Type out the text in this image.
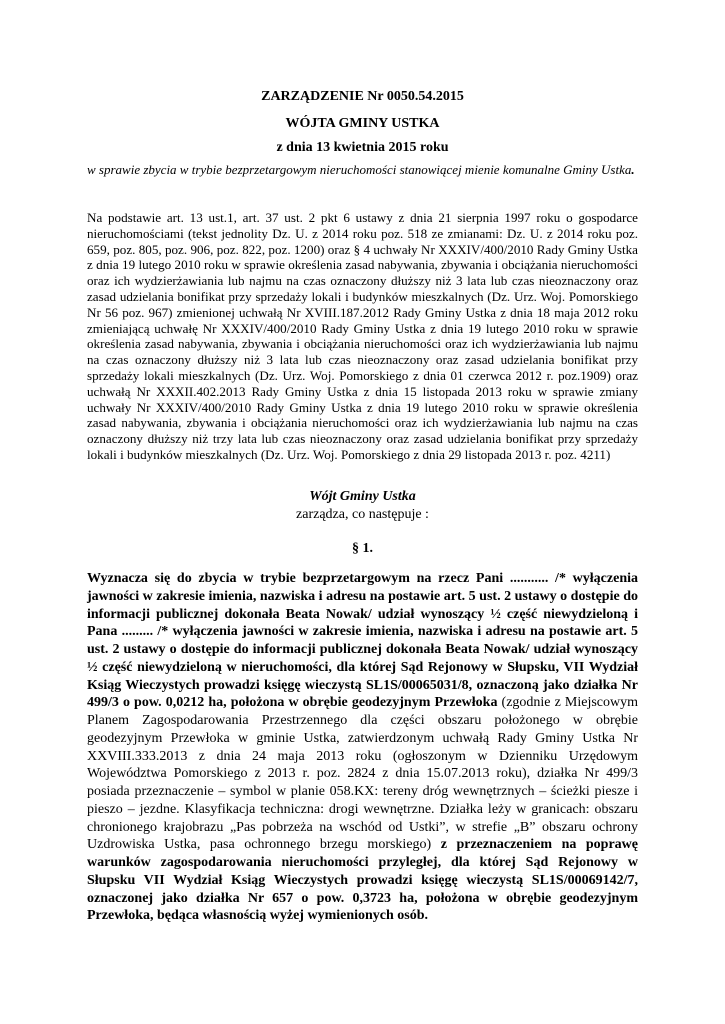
ZARZĄDZENIE Nr 0050.54.2015
WÓJTA GMINY USTKA
z dnia 13 kwietnia 2015 roku
w sprawie zbycia w trybie bezprzetargowym nieruchomości stanowiącej mienie komunalne Gminy Ustka.
Na podstawie art. 13 ust.1, art. 37 ust. 2 pkt 6 ustawy z dnia 21 sierpnia 1997 roku o gospodarce nieruchomościami (tekst jednolity Dz. U. z 2014 roku poz. 518 ze zmianami: Dz. U. z 2014 roku poz. 659, poz. 805, poz. 906, poz. 822, poz. 1200) oraz § 4 uchwały Nr XXXIV/400/2010 Rady Gminy Ustka z dnia 19 lutego 2010 roku w sprawie określenia zasad nabywania, zbywania i obciążania nieruchomości oraz ich wydzierżawiania lub najmu na czas oznaczony dłuższy niż 3 lata lub czas nieoznaczony oraz zasad udzielania bonifikat przy sprzedaży lokali i budynków mieszkalnych (Dz. Urz. Woj. Pomorskiego Nr 56 poz. 967) zmienionej uchwałą Nr XVIII.187.2012 Rady Gminy Ustka z dnia 18 maja 2012 roku zmieniającą uchwałę Nr XXXIV/400/2010 Rady Gminy Ustka z dnia 19 lutego 2010 roku w sprawie określenia zasad nabywania, zbywania i obciążania nieruchomości oraz ich wydzierżawiania lub najmu na czas oznaczony dłuższy niż 3 lata lub czas nieoznaczony oraz zasad udzielania bonifikat przy sprzedaży lokali mieszkalnych (Dz. Urz. Woj. Pomorskiego z dnia 01 czerwca 2012 r. poz.1909) oraz uchwałą Nr XXXII.402.2013 Rady Gminy Ustka z dnia 15 listopada 2013 roku w sprawie zmiany uchwały Nr XXXIV/400/2010 Rady Gminy Ustka z dnia 19 lutego 2010 roku w sprawie określenia zasad nabywania, zbywania i obciążania nieruchomości oraz ich wydzierżawiania lub najmu na czas oznaczony dłuższy niż trzy lata lub czas nieoznaczony oraz zasad udzielania bonifikat przy sprzedaży lokali i budynków mieszkalnych (Dz. Urz. Woj. Pomorskiego z dnia 29 listopada 2013 r. poz. 4211)
Wójt Gminy Ustka
zarządza, co następuje :
§ 1.
Wyznacza się do zbycia w trybie bezprzetargowym na rzecz Pani ........... /* wyłączenia jawności w zakresie imienia, nazwiska i adresu na postawie art. 5 ust. 2 ustawy o dostępie do informacji publicznej dokonała Beata Nowak/ udział wynoszący ½ część niewydzieloną i Pana ......... /* wyłączenia jawności w zakresie imienia, nazwiska i adresu na postawie art. 5 ust. 2 ustawy o dostępie do informacji publicznej dokonała Beata Nowak/ udział wynoszący ½ część niewydzieloną w nieruchomości, dla której Sąd Rejonowy w Słupsku, VII Wydział Ksiąg Wieczystych prowadzi księgę wieczystą SL1S/00065031/8, oznaczoną jako działka Nr 499/3 o pow. 0,0212 ha, położona w obrębie geodezyjnym Przewłoka (zgodnie z Miejscowym Planem Zagospodarowania Przestrzennego dla części obszaru położonego w obrębie geodezyjnym Przewłoka w gminie Ustka, zatwierdzonym uchwałą Rady Gminy Ustka Nr XXVIII.333.2013 z dnia 24 maja 2013 roku (ogłoszonym w Dzienniku Urzędowym Województwa Pomorskiego z 2013 r. poz. 2824 z dnia 15.07.2013 roku), działka Nr 499/3 posiada przeznaczenie – symbol w planie 058.KX: tereny dróg wewnętrznych – ścieżki piesze i pieszo – jezdne. Klasyfikacja techniczna: drogi wewnętrzne. Działka leży w granicach: obszaru chronionego krajobrazu „Pas pobrzeża na wschód od Ustki”, w strefie „B” obszaru ochrony Uzdrowiska Ustka, pasa ochronnego brzegu morskiego) z przeznaczeniem na poprawę warunków zagospodarowania nieruchomości przyległej, dla której Sąd Rejonowy w Słupsku VII Wydział Ksiąg Wieczystych prowadzi księgę wieczystą SL1S/00069142/7, oznaczonej jako działka Nr 657 o pow. 0,3723 ha, położona w obrębie geodezyjnym Przewłoka, będąca własnością wyżej wymienionych osób.
